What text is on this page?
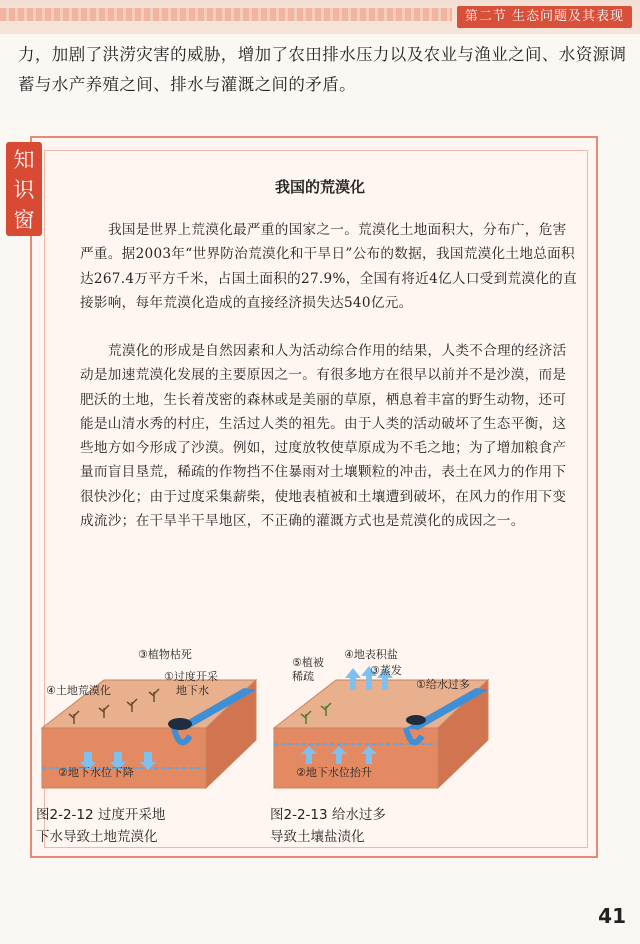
第二节 生态问题及其表现
力，加剧了洪涝灾害的威胁，增加了农田排水压力以及农业与渔业之间、水资源调蓄与水产养殖之间、排水与灌溉之间的矛盾。
知识窗
我国的荒漠化

我国是世界上荒漠化最严重的国家之一。荒漠化土地面积大，分布广，危害严重。据2003年“世界防治荒漠化和干旱日”公布的数据，我国荒漠化土地总面积达267.4万平方千米，占国土面积的27.9%，全国有将近4亿人口受到荒漠化的直接影响，每年荒漠化造成的直接经济损失达540亿元。

荒漠化的形成是自然因素和人为活动综合作用的结果，人类不合理的经济活动是加速荒漠化发展的主要原因之一。有很多地方在很早以前并不是沙漠，而是肥沃的土地，生长着茂密的森林或是美丽的草原，栖息着丰富的野生动物，还可能是山清水秀的村庄，生活过人类的祖先。由于人类的活动破坏了生态平衡，这些地方如今形成了沙漠。例如，过度放牧使草原成为不毛之地；为了增加粮食产量而盲目垦荒，稀疏的作物挡不住暴雨对土壤颗粒的冲击，表土在风力的作用下很快沙化；由于过度采集薪柴，使地表植被和土壤遭到破坏，在风力的作用下变成流沙；在干旱半干旱地区，不正确的灌溉方式也是荒漠化的成因之一。

③植物枯死
①过度开采
地下水
④土地荒漠化
②地下水位下降
图2-2-12 过度开采地
下水导致土地荒漠化
⑤植被
稀疏
④地表积盐
③蒸发
①给水过多
②地下水位抬升
图2-2-13 给水过多
导致土壤盐渍化
41
